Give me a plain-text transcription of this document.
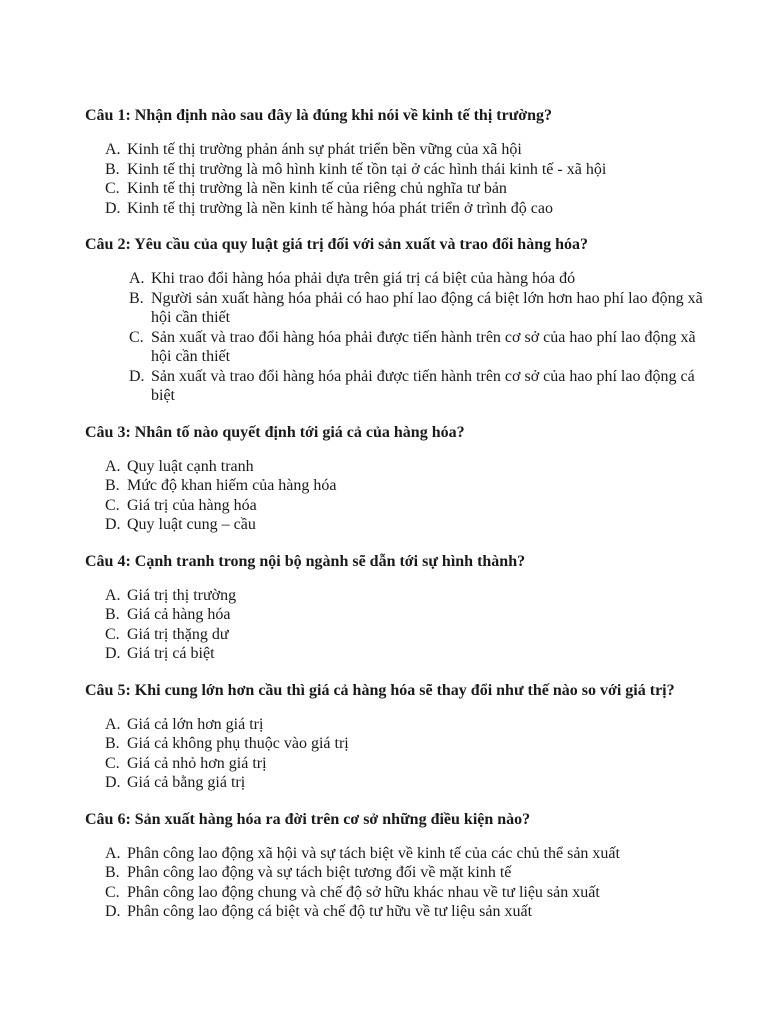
Câu 1: Nhận định nào sau đây là đúng khi nói về kinh tế thị trường?

A. Kinh tế thị trường phản ánh sự phát triển bền vững của xã hội
B. Kinh tế thị trường là mô hình kinh tế tồn tại ở các hình thái kinh tế - xã hội
C. Kinh tế thị trường là nền kinh tế của riêng chủ nghĩa tư bản
D. Kinh tế thị trường là nền kinh tế hàng hóa phát triển ở trình độ cao

Câu 2: Yêu cầu của quy luật giá trị đối với sản xuất và trao đổi hàng hóa?

A. Khi trao đổi hàng hóa phải dựa trên giá trị cá biệt của hàng hóa đó
B. Người sản xuất hàng hóa phải có hao phí lao động cá biệt lớn hơn hao phí lao động xã hội cần thiết
C. Sản xuất và trao đổi hàng hóa phải được tiến hành trên cơ sở của hao phí lao động xã hội cần thiết
D. Sản xuất và trao đổi hàng hóa phải được tiến hành trên cơ sở của hao phí lao động cá biệt

Câu 3: Nhân tố nào quyết định tới giá cả của hàng hóa?

A. Quy luật cạnh tranh
B. Mức độ khan hiếm của hàng hóa
C. Giá trị của hàng hóa
D. Quy luật cung – cầu

Câu 4: Cạnh tranh trong nội bộ ngành sẽ dẫn tới sự hình thành?

A. Giá trị thị trường
B. Giá cả hàng hóa
C. Giá trị thặng dư
D. Giá trị cá biệt

Câu 5: Khi cung lớn hơn cầu thì giá cả hàng hóa sẽ thay đổi như thế nào so với giá trị?

A. Giá cả lớn hơn giá trị
B. Giá cả không phụ thuộc vào giá trị
C. Giá cả nhỏ hơn giá trị
D. Giá cả bằng giá trị

Câu 6: Sản xuất hàng hóa ra đời trên cơ sở những điều kiện nào?

A. Phân công lao động xã hội và sự tách biệt về kinh tế của các chủ thể sản xuất
B. Phân công lao động và sự tách biệt tương đối về mặt kinh tế
C. Phân công lao động chung và chế độ sở hữu khác nhau về tư liệu sản xuất
D. Phân công lao động cá biệt và chế độ tư hữu về tư liệu sản xuất
